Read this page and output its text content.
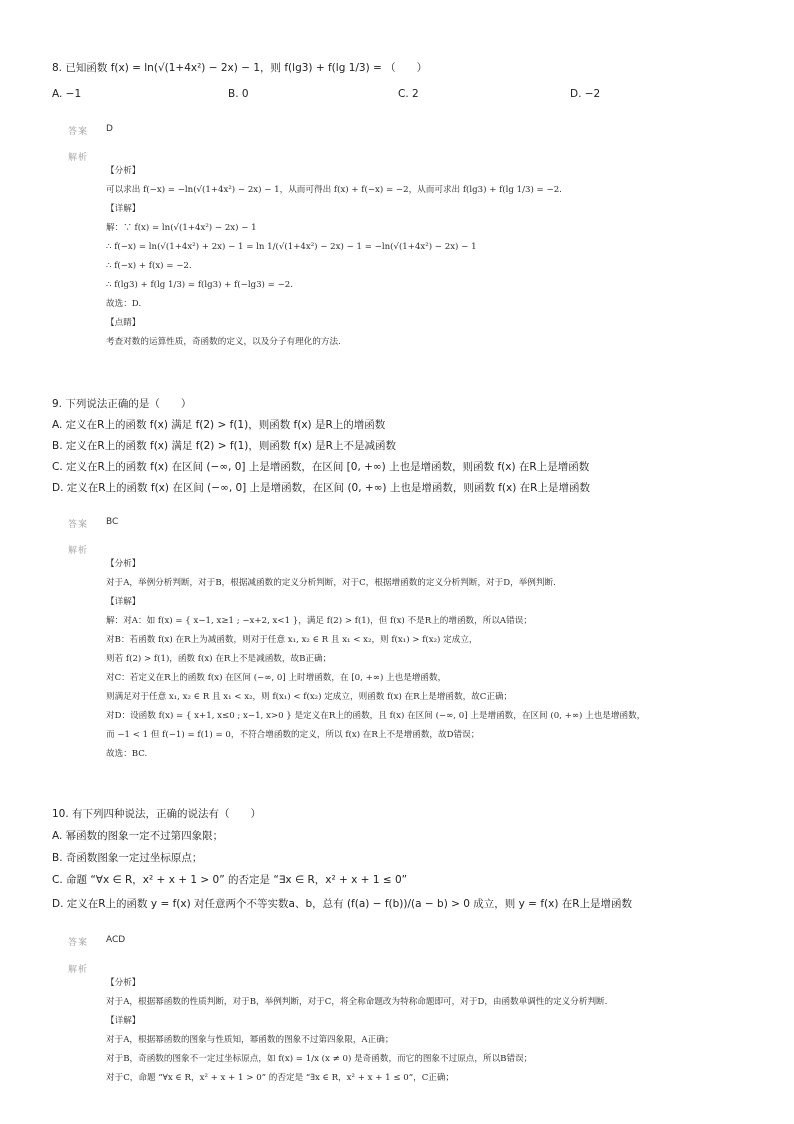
8. 已知函数 f(x) = ln(√(1+4x²) − 2x) − 1，则 f(lg3) + f(lg 1/3) = （　　）
A. −1	B. 0	C. 2	D. −2
答案 D
解析
【分析】
可以求出 f(−x) = −ln(√(1+4x²) − 2x) − 1，从而可得出 f(x) + f(−x) = −2，从而可求出 f(lg3) + f(lg 1/3) = −2.
【详解】
解：∵ f(x) = ln(√(1+4x²) − 2x) − 1
∴ f(−x) = ln(√(1+4x²) + 2x) − 1 = ln 1/(√(1+4x²) − 2x) − 1 = −ln(√(1+4x²) − 2x) − 1
∴ f(−x) + f(x) = −2.
∴ f(lg3) + f(lg 1/3) = f(lg3) + f(−lg3) = −2.
故选：D.
【点睛】
考查对数的运算性质，奇函数的定义，以及分子有理化的方法.
9. 下列说法正确的是（　　）
A. 定义在R上的函数 f(x) 满足 f(2) > f(1)，则函数 f(x) 是R上的增函数
B. 定义在R上的函数 f(x) 满足 f(2) > f(1)，则函数 f(x) 是R上不是减函数
C. 定义在R上的函数 f(x) 在区间 (−∞, 0] 上是增函数，在区间 [0, +∞) 上也是增函数，则函数 f(x) 在R上是增函数
D. 定义在R上的函数 f(x) 在区间 (−∞, 0] 上是增函数，在区间 (0, +∞) 上也是增函数，则函数 f(x) 在R上是增函数
答案 BC
解析
【分析】
对于A，举例分析判断，对于B，根据减函数的定义分析判断，对于C，根据增函数的定义分析判断，对于D，举例判断.
【详解】
解：对A：如 f(x) = { x−1, x≥1 ; −x+2, x<1 }，满足 f(2) > f(1)，但 f(x) 不是R上的增函数，所以A错误；
对B：若函数 f(x) 在R上为减函数，则对于任意 x₁, x₂ ∈ R 且 x₁ < x₂，则 f(x₁) > f(x₂) 定成立，
则若 f(2) > f(1)，函数 f(x) 在R上不是减函数，故B正确；
对C：若定义在R上的函数 f(x) 在区间 (−∞, 0] 上时增函数，在 [0, +∞) 上也是增函数，
则满足对于任意 x₁, x₂ ∈ R 且 x₁ < x₂，则 f(x₁) < f(x₂) 定成立，则函数 f(x) 在R上是增函数，故C正确；
对D：设函数 f(x) = { x+1, x≤0 ; x−1, x>0 } 是定义在R上的函数，且 f(x) 在区间 (−∞, 0] 上是增函数，在区间 (0, +∞) 上也是增函数，
而 −1 < 1 但 f(−1) = f(1) = 0，不符合增函数的定义，所以 f(x) 在R上不是增函数，故D错误；
故选：BC.
10. 有下列四种说法，正确的说法有（　　）
A. 幂函数的图象一定不过第四象限；
B. 奇函数图象一定过坐标原点；
C. 命题 “∀x ∈ R，x² + x + 1 > 0” 的否定是 “∃x ∈ R，x² + x + 1 ≤ 0”
D. 定义在R上的函数 y = f(x) 对任意两个不等实数a、b，总有 (f(a) − f(b))/(a − b) > 0 成立，则 y = f(x) 在R上是增函数
答案 ACD
解析
【分析】
对于A，根据幂函数的性质判断，对于B，举例判断，对于C，将全称命题改为特称命题即可，对于D，由函数单调性的定义分析判断.
【详解】
对于A，根据幂函数的图象与性质知，幂函数的图象不过第四象限，A正确；
对于B，奇函数的图象不一定过坐标原点，如 f(x) = 1/x (x ≠ 0) 是奇函数，而它的图象不过原点，所以B错误；
对于C，命题 “∀x ∈ R，x² + x + 1 > 0” 的否定是 “∃x ∈ R，x² + x + 1 ≤ 0”，C正确；
